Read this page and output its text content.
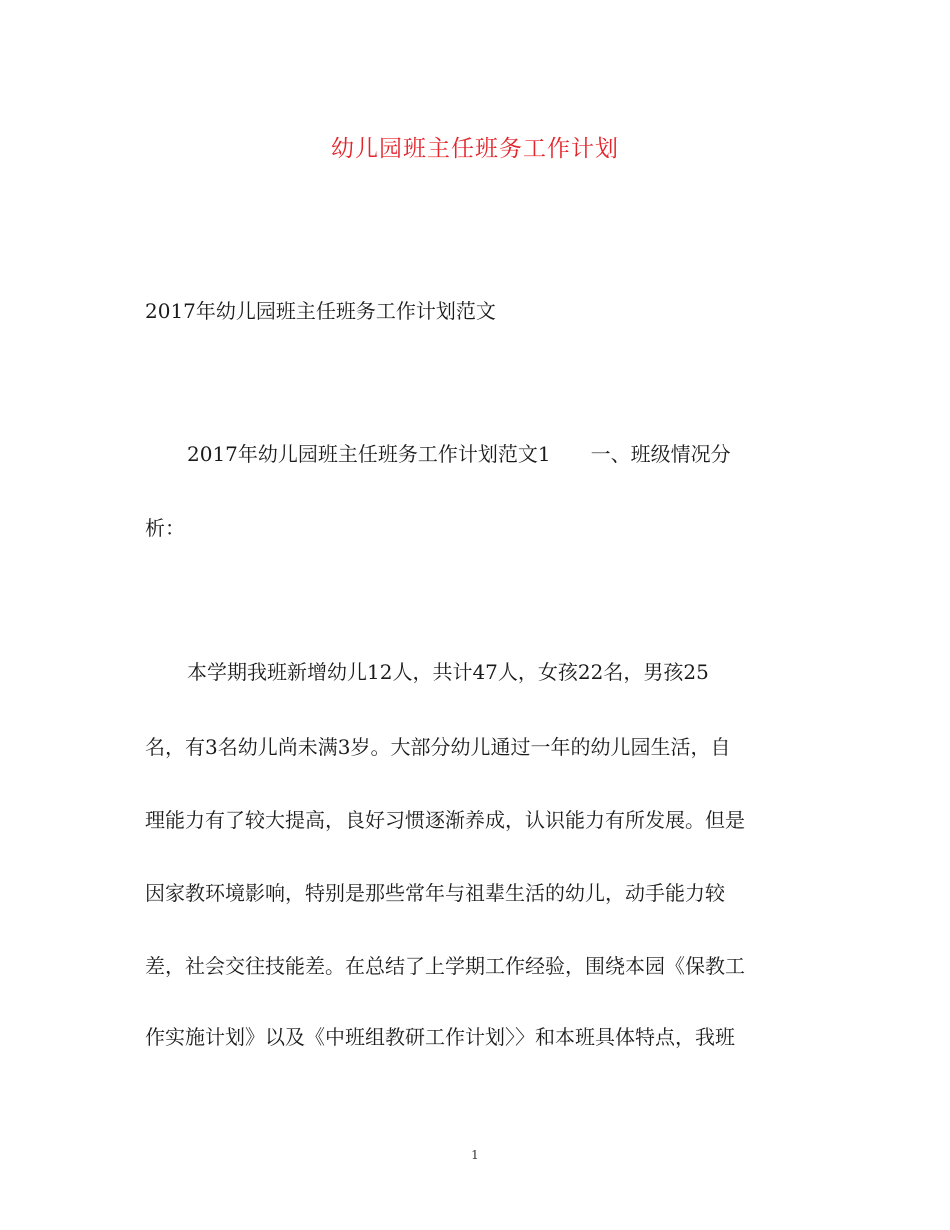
幼儿园班主任班务工作计划
2017年幼儿园班主任班务工作计划范文
2017年幼儿园班主任班务工作计划范文1　　一、班级情况分
析：
本学期我班新增幼儿12人，共计47人，女孩22名，男孩25
名，有3名幼儿尚未满3岁。大部分幼儿通过一年的幼儿园生活，自
理能力有了较大提高，良好习惯逐渐养成，认识能力有所发展。但是
因家教环境影响，特别是那些常年与祖辈生活的幼儿，动手能力较
差，社会交往技能差。在总结了上学期工作经验，围绕本园《保教工
作实施计划》以及《中班组教研工作计划〉〉和本班具体特点，我班
1
